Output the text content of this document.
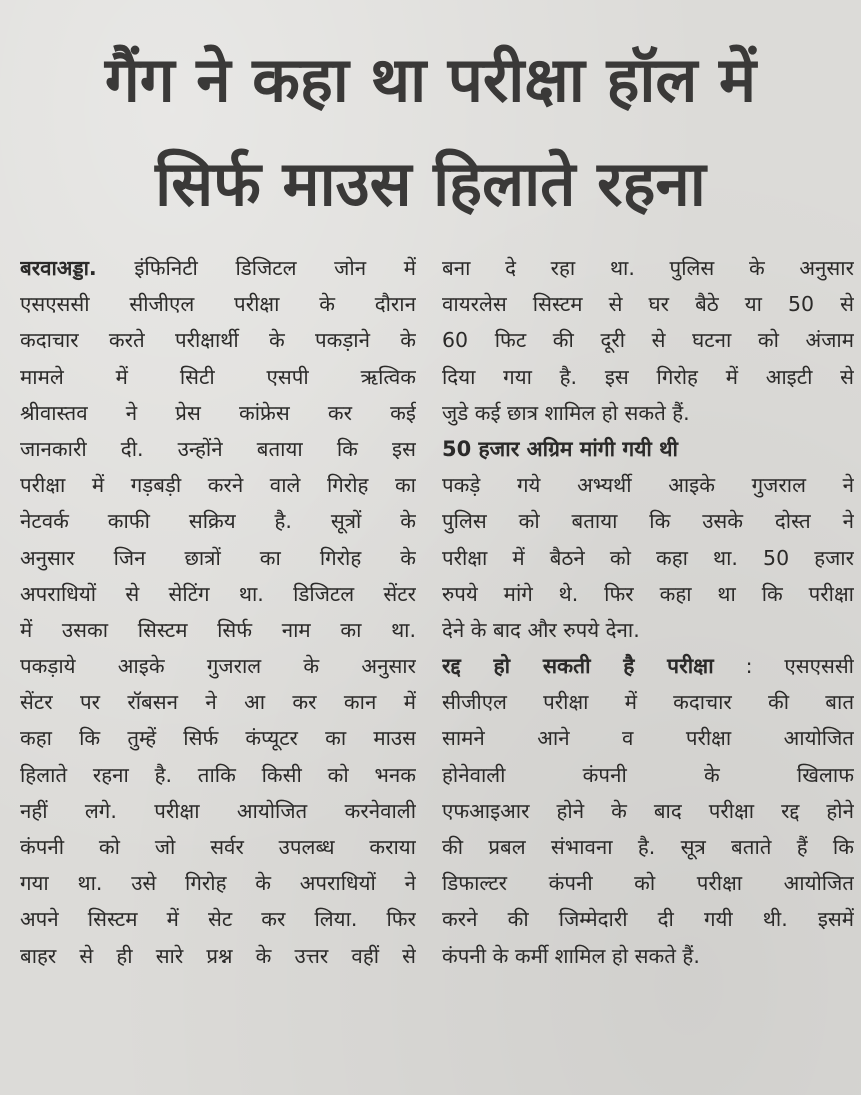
गैंग ने कहा था परीक्षा हॉल में
सिर्फ माउस हिलाते रहना
बरवाअड्डा. इंफिनिटी डिजिटल जोन में
एसएससी सीजीएल परीक्षा के दौरान
कदाचार करते परीक्षार्थी के पकड़ाने के
मामले में सिटी एसपी ऋत्विक
श्रीवास्तव ने प्रेस कांफ्रेस कर कई
जानकारी दी. उन्होंने बताया कि इस
परीक्षा में गड़बड़ी करने वाले गिरोह का
नेटवर्क काफी सक्रिय है. सूत्रों के
अनुसार जिन छात्रों का गिरोह के
अपराधियों से सेटिंग था. डिजिटल सेंटर
में उसका सिस्टम सिर्फ नाम का था.
पकड़ाये आइके गुजराल के अनुसार
सेंटर पर रॉबसन ने आ कर कान में
कहा कि तुम्हें सिर्फ कंप्यूटर का माउस
हिलाते रहना है. ताकि किसी को भनक
नहीं लगे. परीक्षा आयोजित करनेवाली
कंपनी को जो सर्वर उपलब्ध कराया
गया था. उसे गिरोह के अपराधियों ने
अपने सिस्टम में सेट कर लिया. फिर
बाहर से ही सारे प्रश्न के उत्तर वहीं से
बना दे रहा था. पुलिस के अनुसार
वायरलेस सिस्टम से घर बैठे या 50 से
60 फिट की दूरी से घटना को अंजाम
दिया गया है. इस गिरोह में आइटी से
जुडे कई छात्र शामिल हो सकते हैं.
50 हजार अग्रिम मांगी गयी थी
पकड़े गये अभ्यर्थी आइके गुजराल ने
पुलिस को बताया कि उसके दोस्त ने
परीक्षा में बैठने को कहा था. 50 हजार
रुपये मांगे थे. फिर कहा था कि परीक्षा
देने के बाद और रुपये देना.
रद्द हो सकती है परीक्षा : एसएससी
सीजीएल परीक्षा में कदाचार की बात
सामने आने व परीक्षा आयोजित
होनेवाली कंपनी के खिलाफ
एफआइआर होने के बाद परीक्षा रद्द होने
की प्रबल संभावना है. सूत्र बताते हैं कि
डिफाल्टर कंपनी को परीक्षा आयोजित
करने की जिम्मेदारी दी गयी थी. इसमें
कंपनी के कर्मी शामिल हो सकते हैं.
